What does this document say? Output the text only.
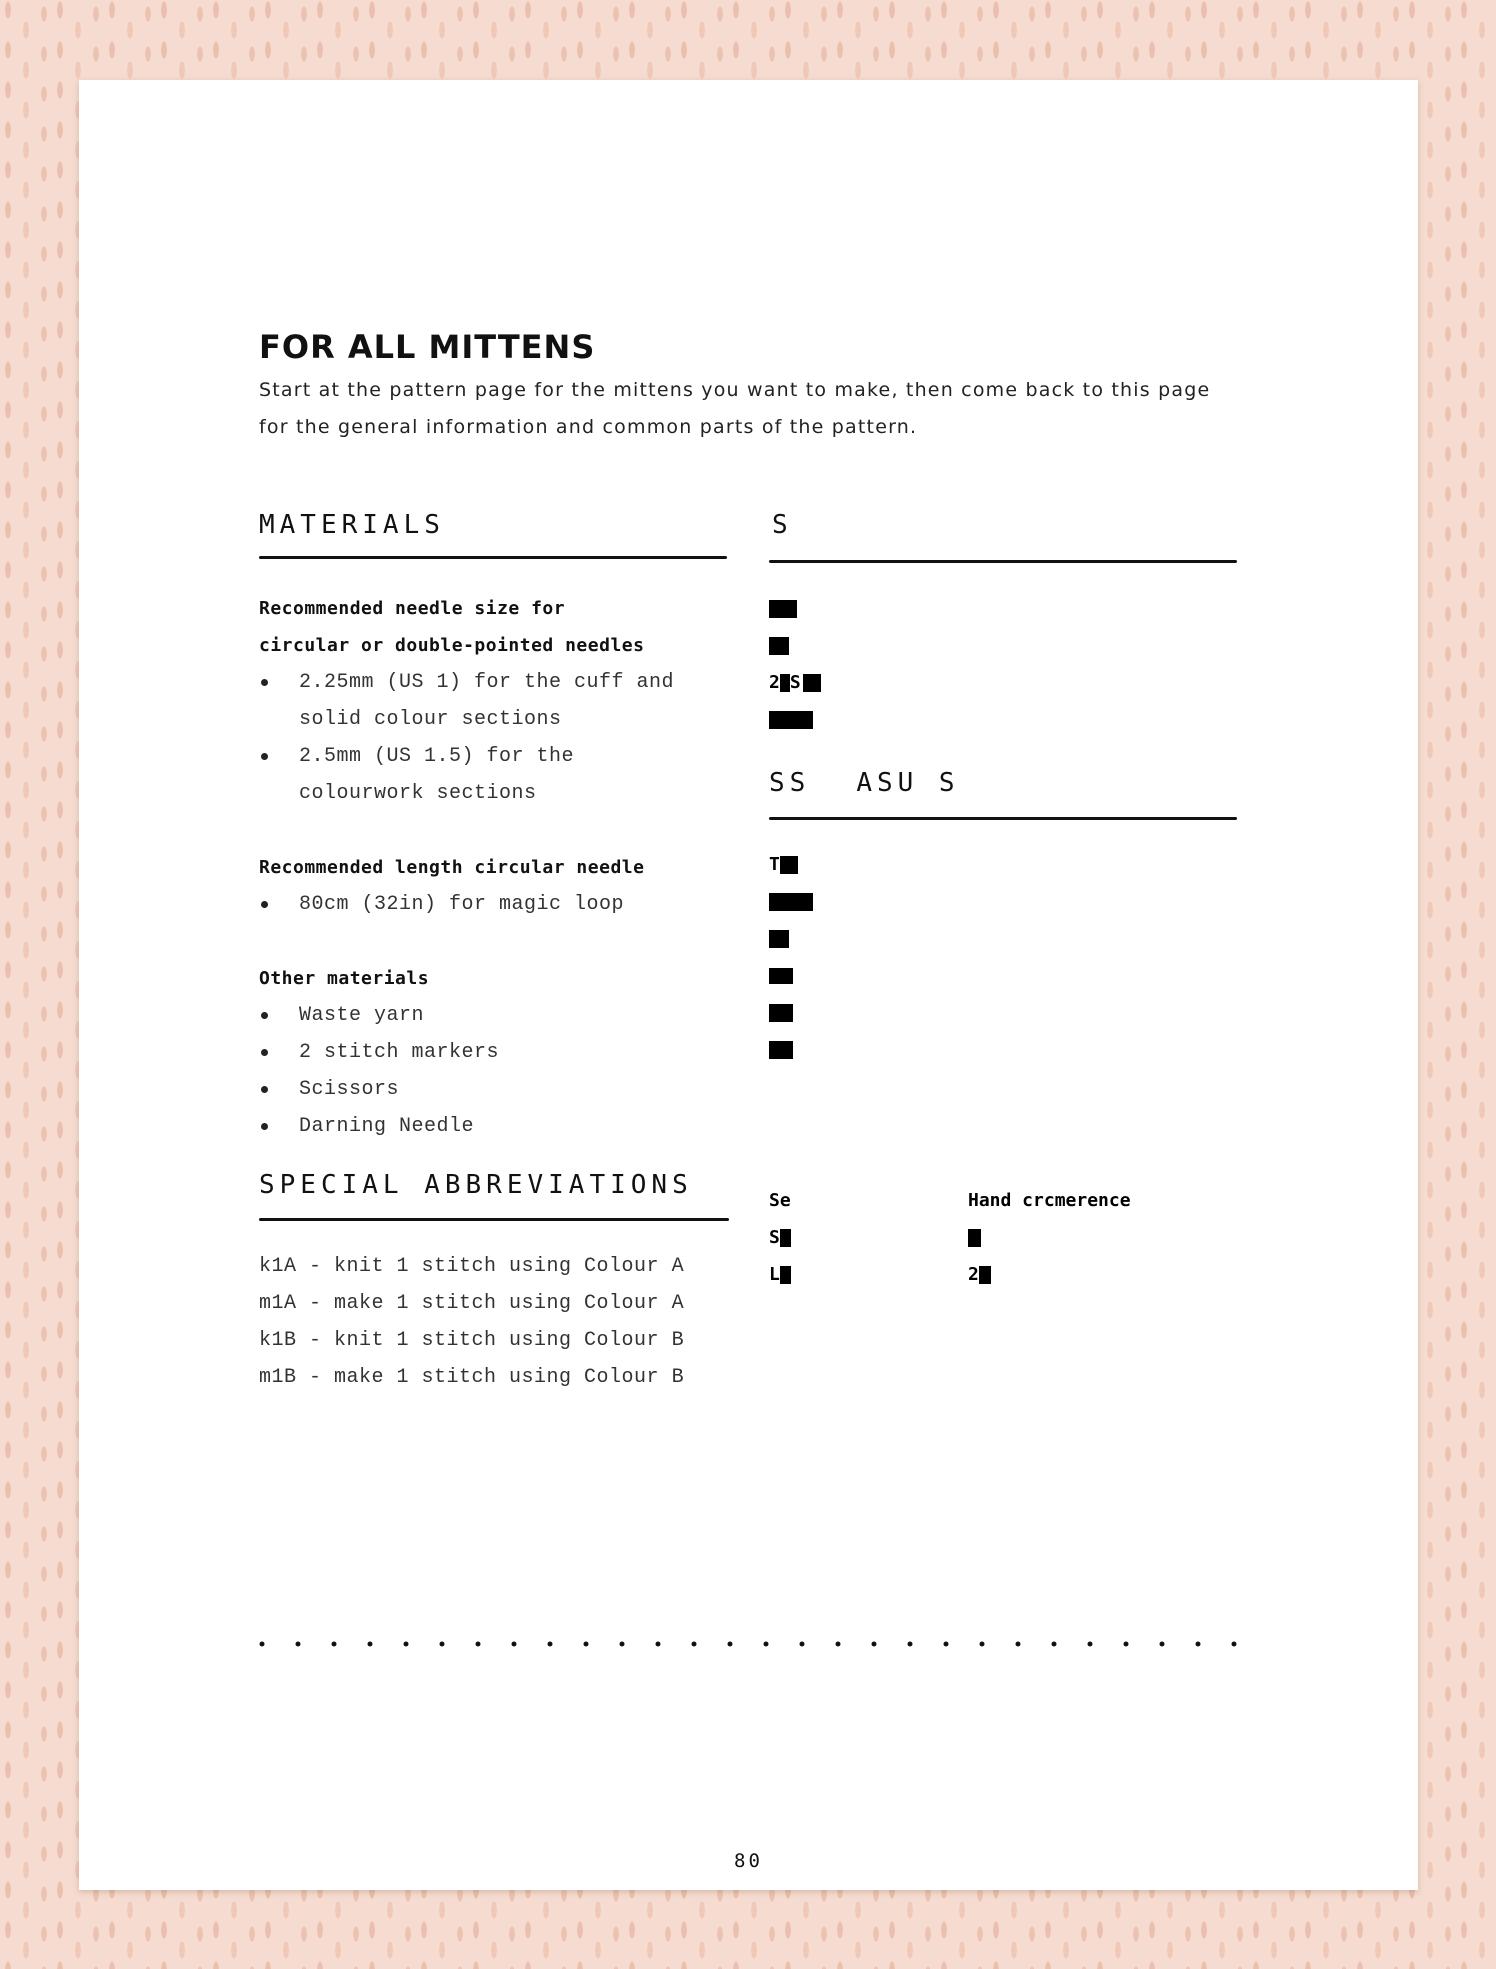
FOR ALL MITTENS
Start at the pattern page for the mittens you want to make, then come back to this page for the general information and common parts of the pattern.
MATERIALS
Recommended needle size for
circular or double-pointed needles
2.25mm (US 1) for the cuff and
solid colour sections
2.5mm (US 1.5) for the
colourwork sections
Recommended length circular needle
80cm (32in) for magic loop
Other materials
Waste yarn
2 stitch markers
Scissors
Darning Needle
SPECIAL ABBREVIATIONS
k1A - knit 1 stitch using Colour A
m1A - make 1 stitch using Colour A
k1B - knit 1 stitch using Colour B
m1B - make 1 stitch using Colour B
S
2 S
SS ASU S
T
Se
S
L
Hand crcmerence
2
80
